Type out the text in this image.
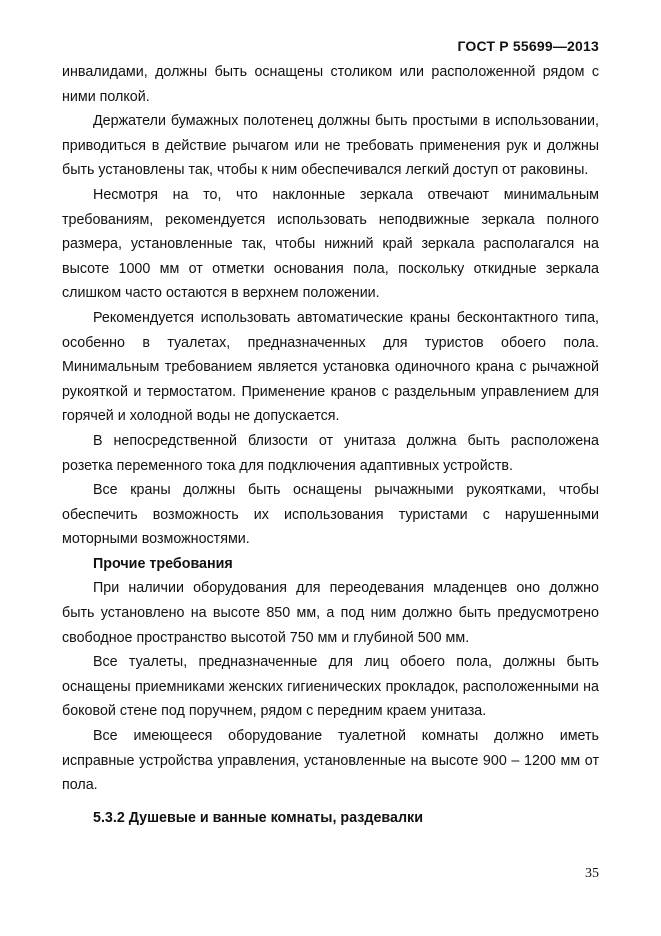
ГОСТ Р 55699—2013

инвалидами, должны быть оснащены столиком или расположенной рядом с ними полкой.

Держатели бумажных полотенец должны быть простыми в использовании, приводиться в действие рычагом или не требовать применения рук и должны быть установлены так, чтобы к ним обеспечивался легкий доступ от раковины.

Несмотря на то, что наклонные зеркала отвечают минимальным требованиям, рекомендуется использовать неподвижные зеркала полного размера, установленные так, чтобы нижний край зеркала располагался на высоте 1000 мм от отметки основания пола, поскольку откидные зеркала слишком часто остаются в верхнем положении.

Рекомендуется использовать автоматические краны бесконтактного типа, особенно в туалетах, предназначенных для туристов обоего пола. Минимальным требованием является установка одиночного крана с рычажной рукояткой и термостатом. Применение кранов с раздельным управлением для горячей и холодной воды не допускается.

В непосредственной близости от унитаза должна быть расположена розетка переменного тока для подключения адаптивных устройств.

Все краны должны быть оснащены рычажными рукоятками, чтобы обеспечить возможность их использования туристами с нарушенными моторными возможностями.

Прочие требования

При наличии оборудования для переодевания младенцев оно должно быть установлено на высоте 850 мм, а под ним должно быть предусмотрено свободное пространство высотой 750 мм и глубиной 500 мм.

Все туалеты, предназначенные для лиц обоего пола, должны быть оснащены приемниками женских гигиенических прокладок, расположенными на боковой стене под поручнем, рядом с передним краем унитаза.

Все имеющееся оборудование туалетной комнаты должно иметь исправные устройства управления, установленные на высоте 900 – 1200 мм от пола.

5.3.2 Душевые и ванные комнаты, раздевалки

35
